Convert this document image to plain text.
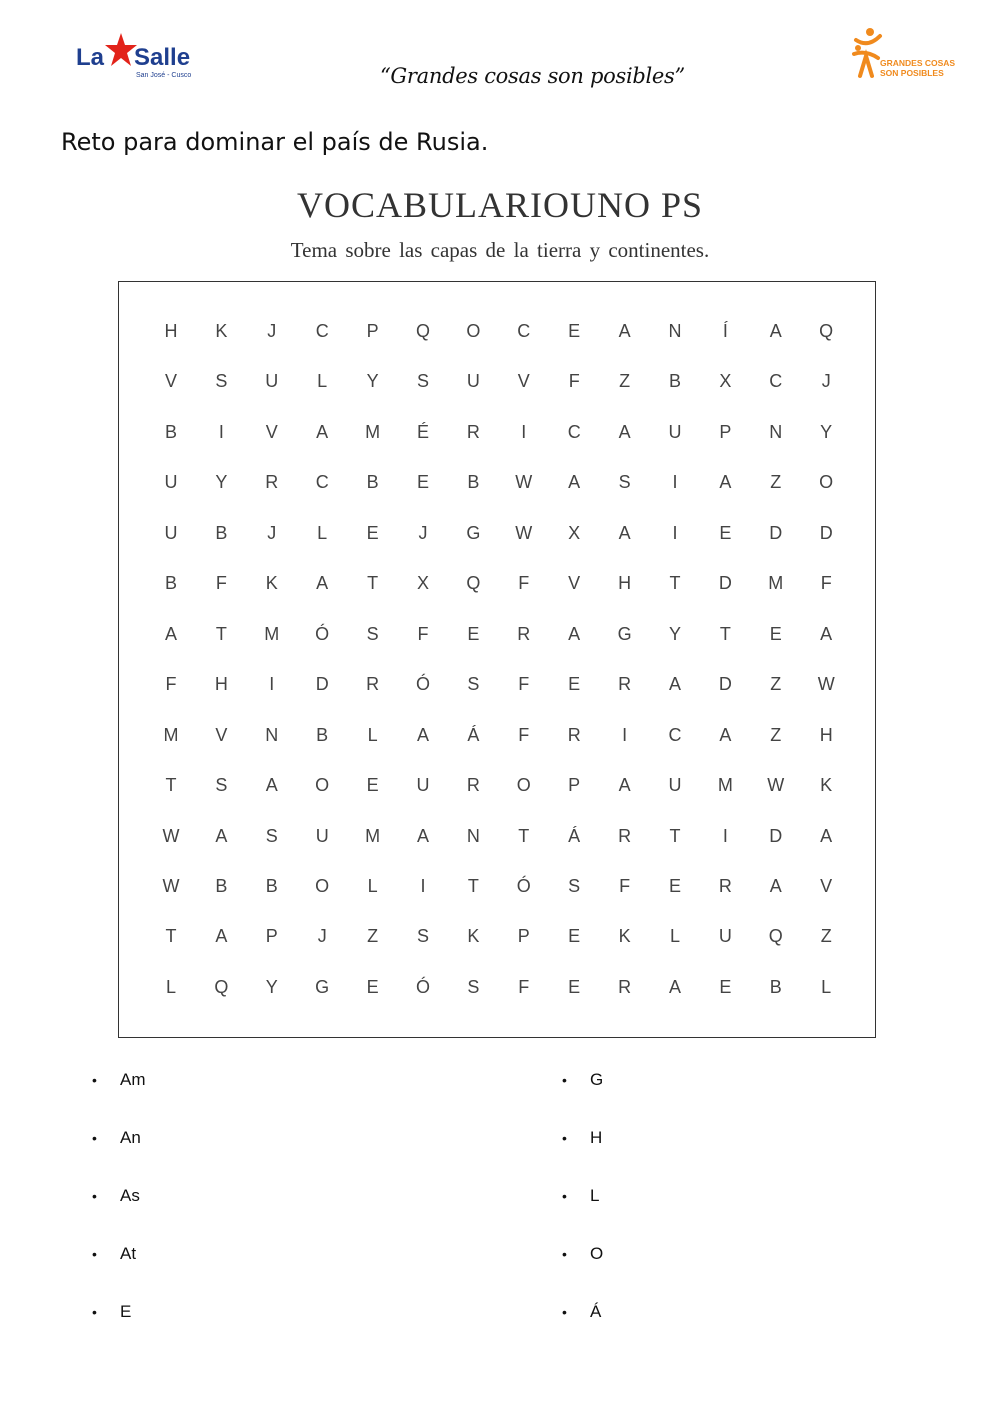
La Salle
San José - Cusco	“Grandes cosas son posibles”
GRANDES COSAS
SON POSIBLES
Reto para dominar el país de Rusia.
VOCABULARIOUNO PS
Tema sobre las capas de la tierra y continentes.
H	K	J	C	P	Q	O	C	E	A	N	Í	A	Q
V	S	U	L	Y	S	U	V	F	Z	B	X	C	J
B	I	V	A	M	É	R	I	C	A	U	P	N	Y
U	Y	R	C	B	E	B	W	A	S	I	A	Z	O
U	B	J	L	E	J	G	W	X	A	I	E	D	D
B	F	K	A	T	X	Q	F	V	H	T	D	M	F
A	T	M	Ó	S	F	E	R	A	G	Y	T	E	A
F	H	I	D	R	Ó	S	F	E	R	A	D	Z	W
M	V	N	B	L	A	Á	F	R	I	C	A	Z	H
T	S	A	O	E	U	R	O	P	A	U	M	W	K
W	A	S	U	M	A	N	T	Á	R	T	I	D	A
W	B	B	O	L	I	T	Ó	S	F	E	R	A	V
T	A	P	J	Z	S	K	P	E	K	L	U	Q	Z
L	Q	Y	G	E	Ó	S	F	E	R	A	E	B	L
• Am
• An
• As
• At
• E
• G
• H
• L
• O
• Á
